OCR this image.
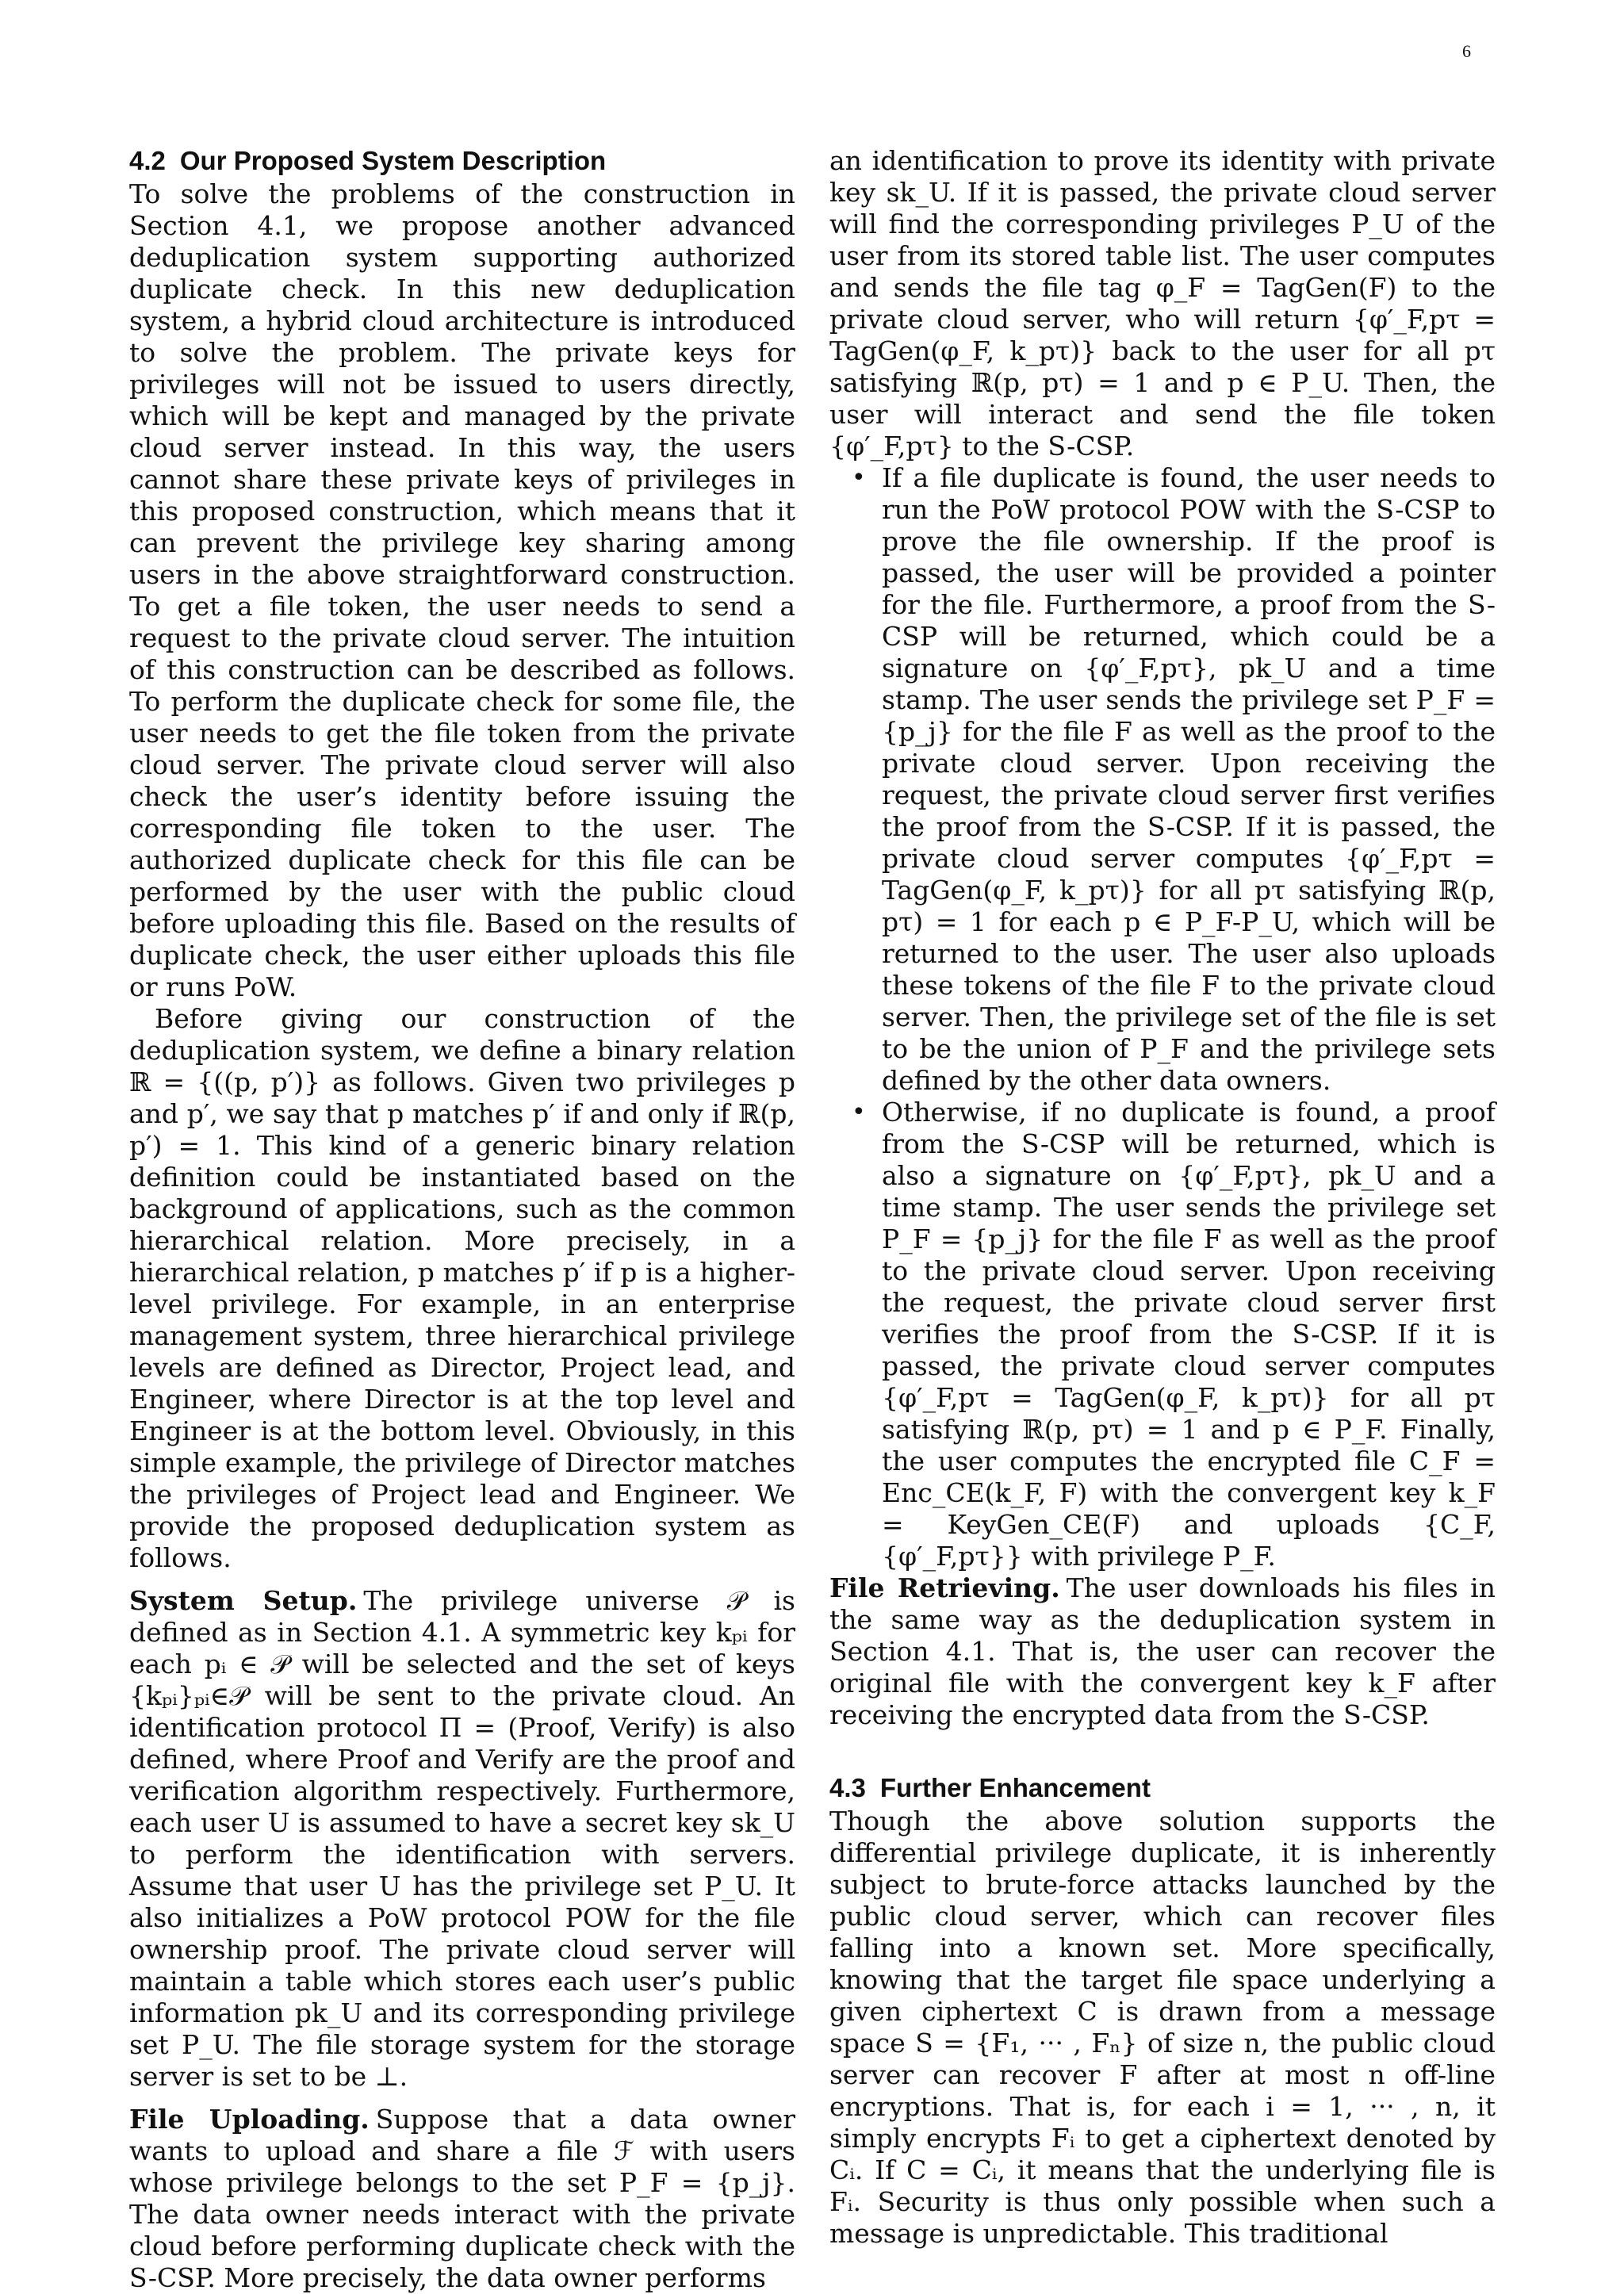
6
4.2 Our Proposed System Description

To solve the problems of the construction in Section 4.1, we propose another advanced deduplication system supporting authorized duplicate check. In this new deduplication system, a hybrid cloud architecture is introduced to solve the problem. The private keys for privileges will not be issued to users directly, which will be kept and managed by the private cloud server instead. In this way, the users cannot share these private keys of privileges in this proposed construction, which means that it can prevent the privilege key sharing among users in the above straightforward construction. To get a file token, the user needs to send a request to the private cloud server. The intuition of this construction can be described as follows. To perform the duplicate check for some file, the user needs to get the file token from the private cloud server. The private cloud server will also check the user’s identity before issuing the corresponding file token to the user. The authorized duplicate check for this file can be performed by the user with the public cloud before uploading this file. Based on the results of duplicate check, the user either uploads this file or runs PoW.

Before giving our construction of the deduplication system, we define a binary relation ℝ = {((p, p′)} as follows. Given two privileges p and p′, we say that p matches p′ if and only if ℝ(p, p′) = 1. This kind of a generic binary relation definition could be instantiated based on the background of applications, such as the common hierarchical relation. More precisely, in a hierarchical relation, p matches p′ if p is a higher-level privilege. For example, in an enterprise management system, three hierarchical privilege levels are defined as Director, Project lead, and Engineer, where Director is at the top level and Engineer is at the bottom level. Obviously, in this simple example, the privilege of Director matches the privileges of Project lead and Engineer. We provide the proposed deduplication system as follows.

System Setup. The privilege universe 𝒫 is defined as in Section 4.1. A symmetric key kₚᵢ for each pᵢ ∈ 𝒫 will be selected and the set of keys {kₚᵢ}ₚᵢ∈𝒫 will be sent to the private cloud. An identification protocol Π = (Proof, Verify) is also defined, where Proof and Verify are the proof and verification algorithm respectively. Furthermore, each user U is assumed to have a secret key sk_U to perform the identification with servers. Assume that user U has the privilege set P_U. It also initializes a PoW protocol POW for the file ownership proof. The private cloud server will maintain a table which stores each user’s public information pk_U and its corresponding privilege set P_U. The file storage system for the storage server is set to be ⊥.

File Uploading. Suppose that a data owner wants to upload and share a file ℱ with users whose privilege belongs to the set P_F = {p_j}. The data owner needs interact with the private cloud before performing duplicate check with the S-CSP. More precisely, the data owner performs

an identification to prove its identity with private key sk_U. If it is passed, the private cloud server will find the corresponding privileges P_U of the user from its stored table list. The user computes and sends the file tag φ_F = TagGen(F) to the private cloud server, who will return {φ′_F,pτ = TagGen(φ_F, k_pτ)} back to the user for all pτ satisfying ℝ(p, pτ) = 1 and p ∈ P_U. Then, the user will interact and send the file token {φ′_F,pτ} to the S-CSP.

• If a file duplicate is found, the user needs to run the PoW protocol POW with the S-CSP to prove the file ownership. If the proof is passed, the user will be provided a pointer for the file. Furthermore, a proof from the S-CSP will be returned, which could be a signature on {φ′_F,pτ}, pk_U and a time stamp. The user sends the privilege set P_F = {p_j} for the file F as well as the proof to the private cloud server. Upon receiving the request, the private cloud server first verifies the proof from the S-CSP. If it is passed, the private cloud server computes {φ′_F,pτ = TagGen(φ_F, k_pτ)} for all pτ satisfying ℝ(p, pτ) = 1 for each p ∈ P_F-P_U, which will be returned to the user. The user also uploads these tokens of the file F to the private cloud server. Then, the privilege set of the file is set to be the union of P_F and the privilege sets defined by the other data owners.
• Otherwise, if no duplicate is found, a proof from the S-CSP will be returned, which is also a signature on {φ′_F,pτ}, pk_U and a time stamp. The user sends the privilege set P_F = {p_j} for the file F as well as the proof to the private cloud server. Upon receiving the request, the private cloud server first verifies the proof from the S-CSP. If it is passed, the private cloud server computes {φ′_F,pτ = TagGen(φ_F, k_pτ)} for all pτ satisfying ℝ(p, pτ) = 1 and p ∈ P_F. Finally, the user computes the encrypted file C_F = Enc_CE(k_F, F) with the convergent key k_F = KeyGen_CE(F) and uploads {C_F, {φ′_F,pτ}} with privilege P_F.

File Retrieving. The user downloads his files in the same way as the deduplication system in Section 4.1. That is, the user can recover the original file with the convergent key k_F after receiving the encrypted data from the S-CSP.

4.3 Further Enhancement

Though the above solution supports the differential privilege duplicate, it is inherently subject to brute-force attacks launched by the public cloud server, which can recover files falling into a known set. More specifically, knowing that the target file space underlying a given ciphertext C is drawn from a message space S = {F₁, ··· , Fₙ} of size n, the public cloud server can recover F after at most n off-line encryptions. That is, for each i = 1, ··· , n, it simply encrypts Fᵢ to get a ciphertext denoted by Cᵢ. If C = Cᵢ, it means that the underlying file is Fᵢ. Security is thus only possible when such a message is unpredictable. This traditional
